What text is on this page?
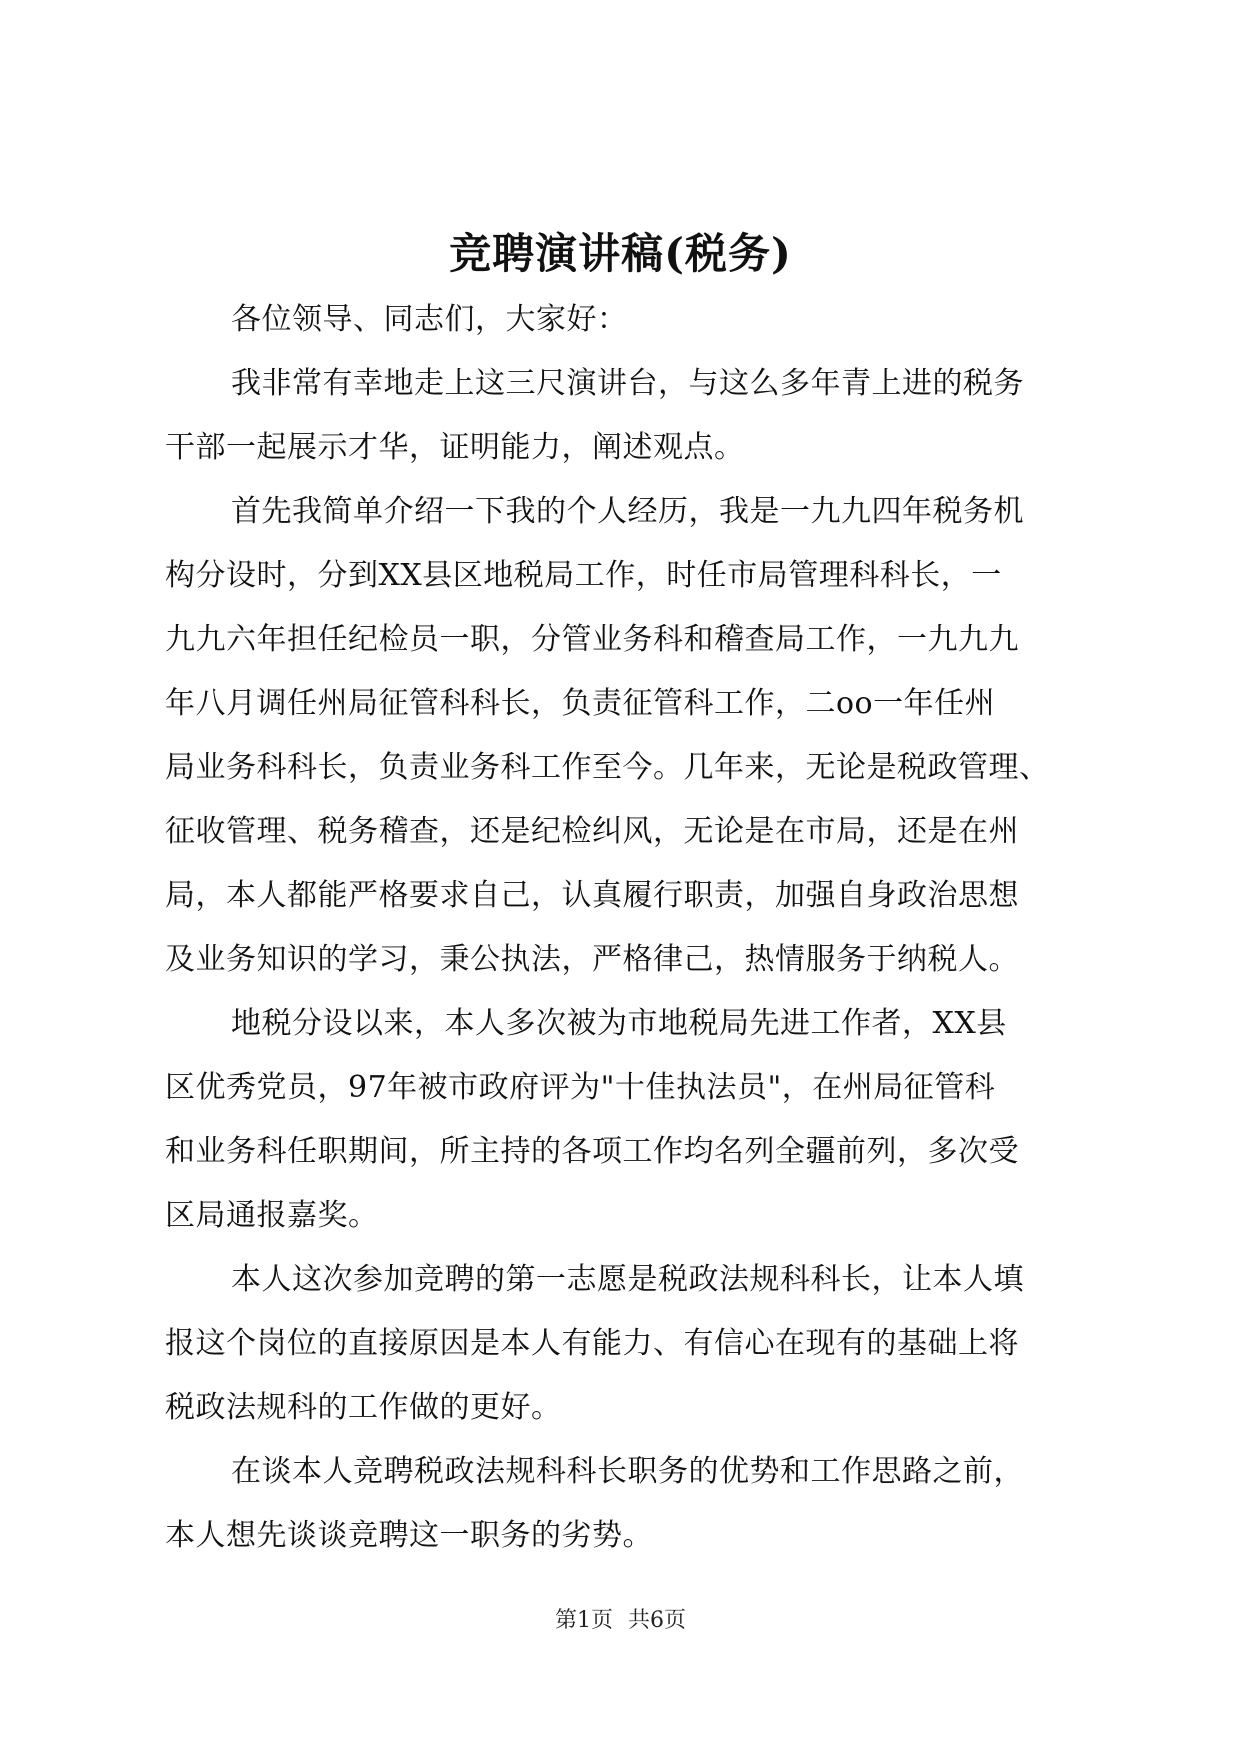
竞聘演讲稿(税务)

各位领导、同志们，大家好：

我非常有幸地走上这三尺演讲台，与这么多年青上进的税务
干部一起展示才华，证明能力，阐述观点。

首先我简单介绍一下我的个人经历，我是一九九四年税务机
构分设时，分到XX县区地税局工作，时任市局管理科科长，一
九九六年担任纪检员一职，分管业务科和稽查局工作，一九九九
年八月调任州局征管科科长，负责征管科工作，二oo一年任州
局业务科科长，负责业务科工作至今。几年来，无论是税政管理、
征收管理、税务稽查，还是纪检纠风，无论是在市局，还是在州
局，本人都能严格要求自己，认真履行职责，加强自身政治思想
及业务知识的学习，秉公执法，严格律己，热情服务于纳税人。

地税分设以来，本人多次被为市地税局先进工作者，XX县
区优秀党员，97年被市政府评为"十佳执法员"，在州局征管科
和业务科任职期间，所主持的各项工作均名列全疆前列，多次受
区局通报嘉奖。

本人这次参加竞聘的第一志愿是税政法规科科长，让本人填
报这个岗位的直接原因是本人有能力、有信心在现有的基础上将
税政法规科的工作做的更好。

在谈本人竞聘税政法规科科长职务的优势和工作思路之前，
本人想先谈谈竞聘这一职务的劣势。

第1页 共6页
